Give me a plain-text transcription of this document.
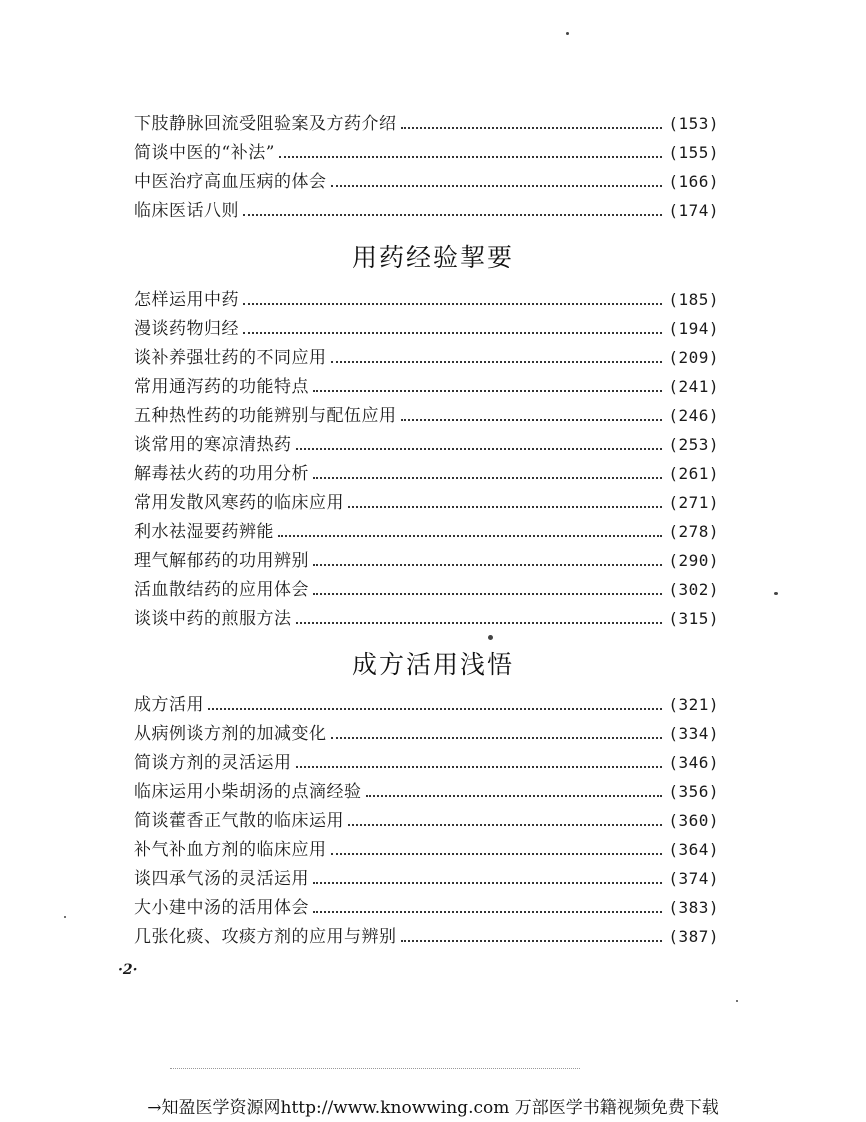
下肢静脉回流受阻验案及方药介绍	(153)
简谈中医的“补法”	(155)
中医治疗高血压病的体会	(166)
临床医话八则	(174)
用药经验挈要
怎样运用中药	(185)
漫谈药物归经	(194)
谈补养强壮药的不同应用	(209)
常用通泻药的功能特点	(241)
五种热性药的功能辨别与配伍应用	(246)
谈常用的寒凉清热药	(253)
解毒祛火药的功用分析	(261)
常用发散风寒药的临床应用	(271)
利水祛湿要药辨能	(278)
理气解郁药的功用辨别	(290)
活血散结药的应用体会	(302)
谈谈中药的煎服方法	(315)
成方活用浅悟
成方活用	(321)
从病例谈方剂的加减变化	(334)
简谈方剂的灵活运用	(346)
临床运用小柴胡汤的点滴经验	(356)
简谈藿香正气散的临床运用	(360)
补气补血方剂的临床应用	(364)
谈四承气汤的灵活运用	(374)
大小建中汤的活用体会	(383)
几张化痰、攻痰方剂的应用与辨别	(387)
·2·
→知盈医学资源网http://www.knowwing.com 万部医学书籍视频免费下载
